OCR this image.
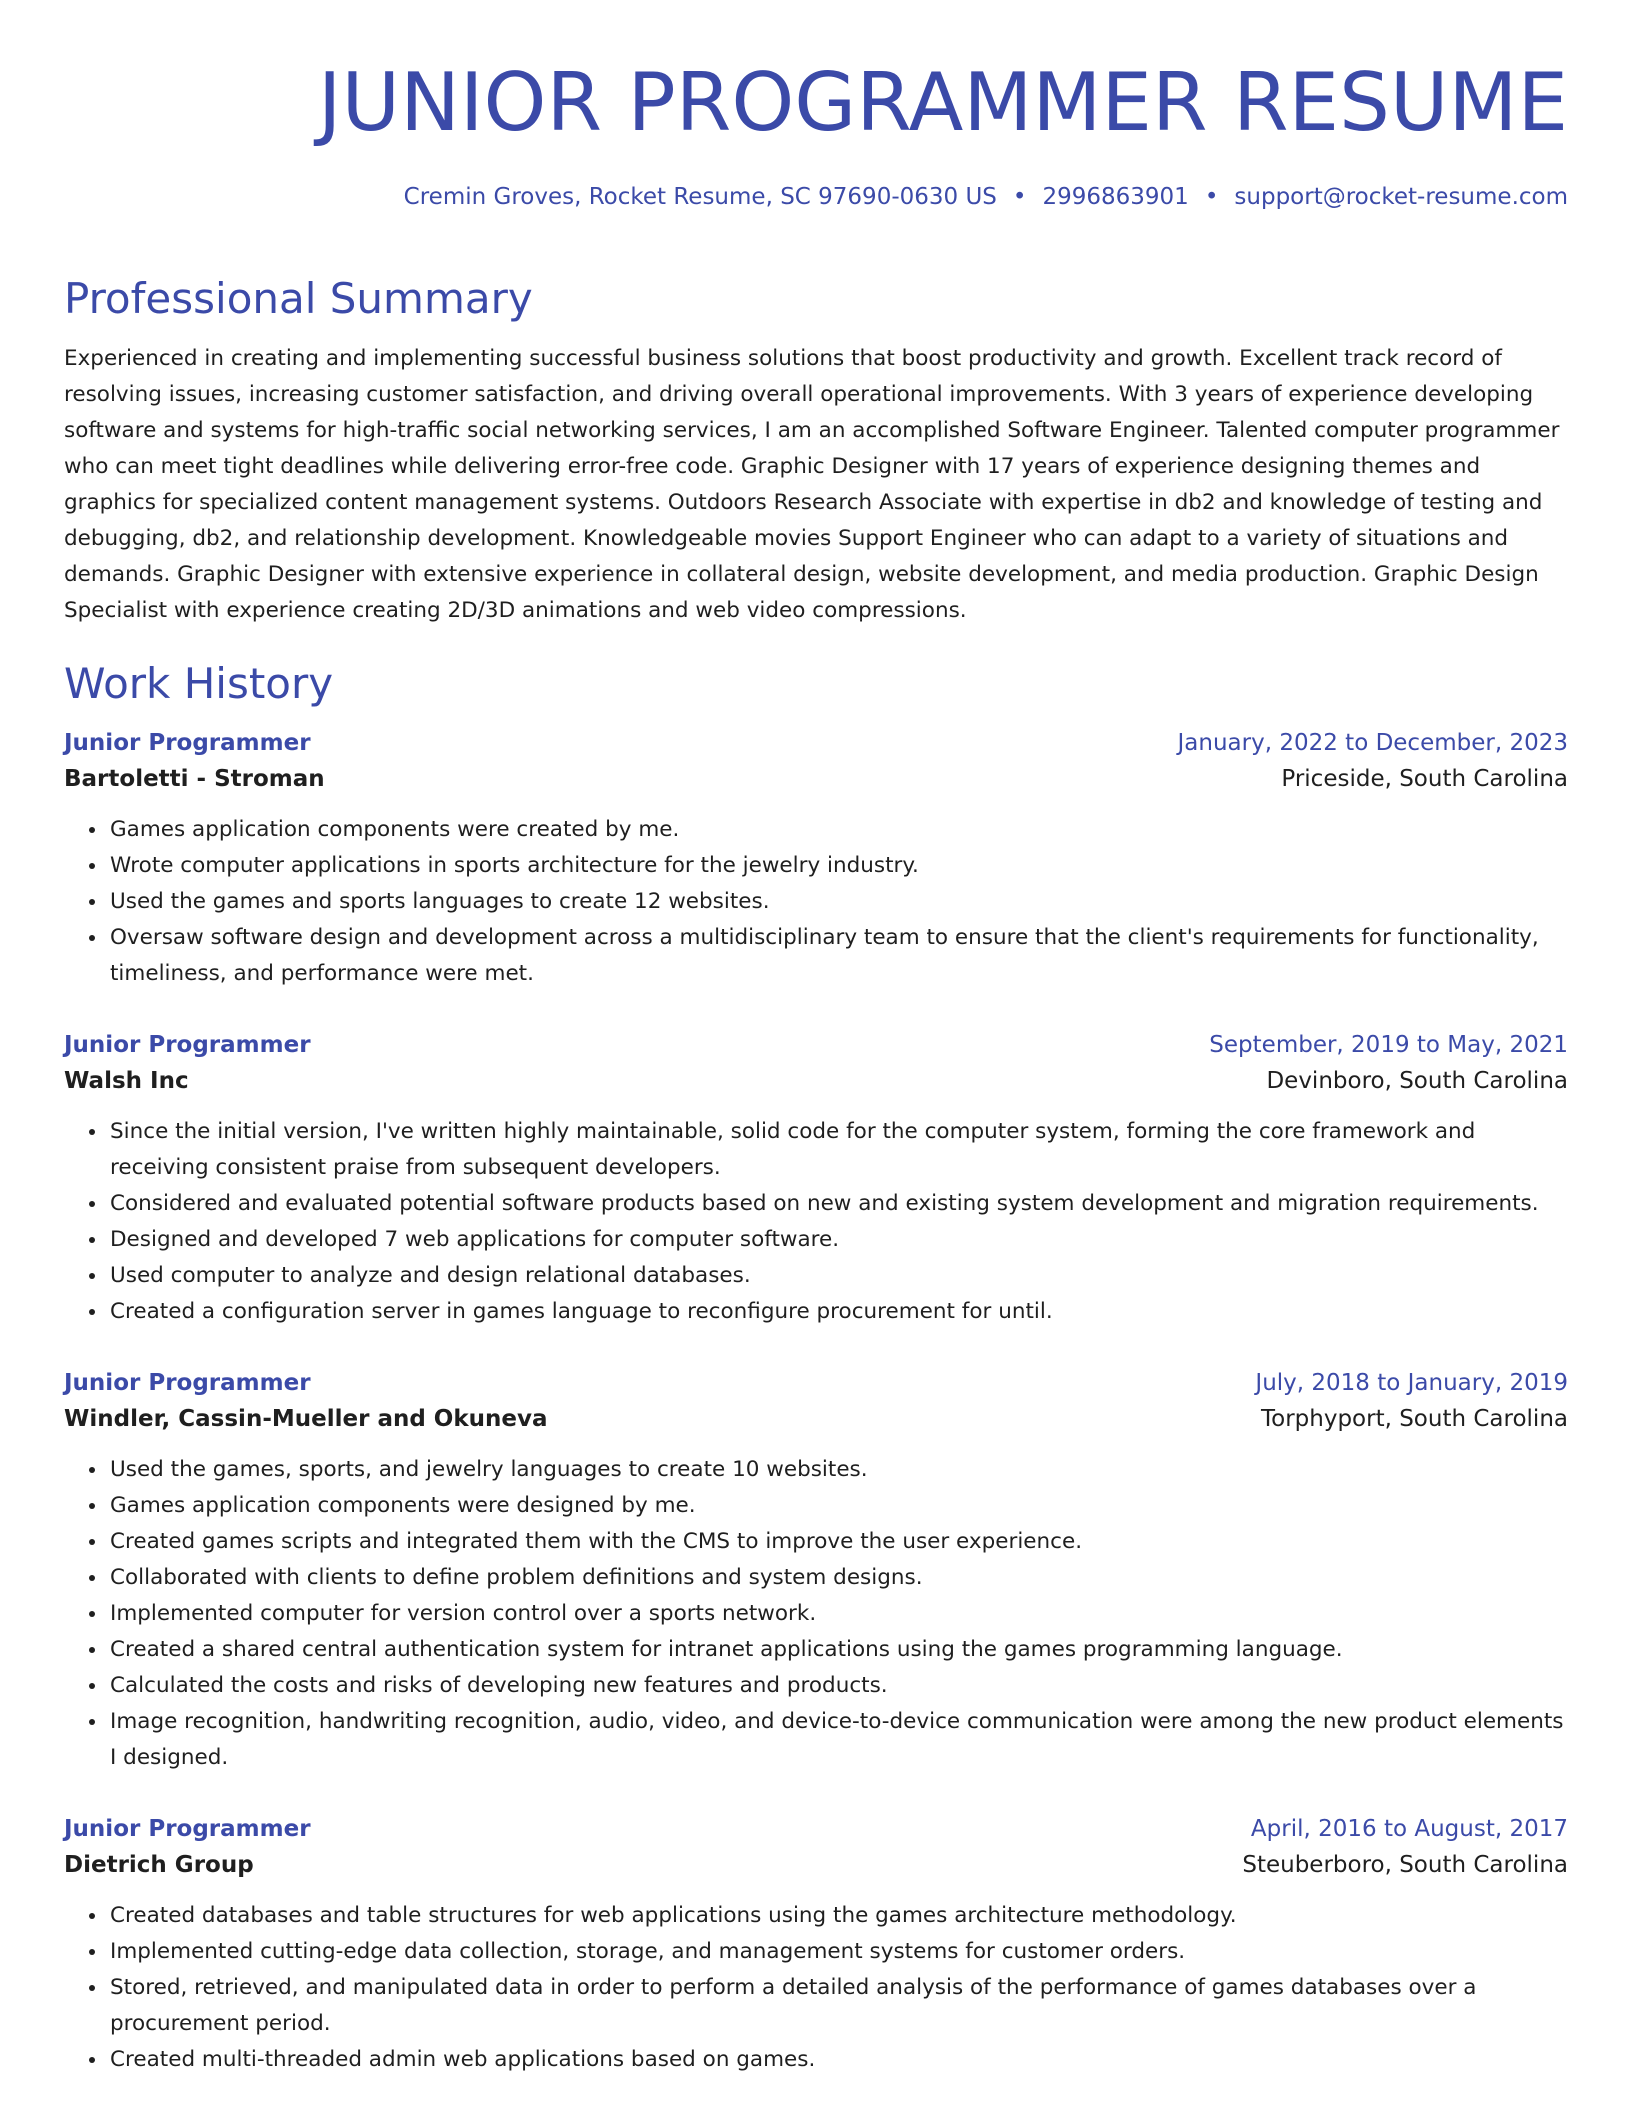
JUNIOR PROGRAMMER RESUME
Cremin Groves, Rocket Resume, SC 97690-0630 US • 2996863901 • support@rocket-resume.com
Professional Summary
Experienced in creating and implementing successful business solutions that boost productivity and growth. Excellent track record of resolving issues, increasing customer satisfaction, and driving overall operational improvements. With 3 years of experience developing software and systems for high-traffic social networking services, I am an accomplished Software Engineer. Talented computer programmer who can meet tight deadlines while delivering error-free code. Graphic Designer with 17 years of experience designing themes and graphics for specialized content management systems. Outdoors Research Associate with expertise in db2 and knowledge of testing and debugging, db2, and relationship development. Knowledgeable movies Support Engineer who can adapt to a variety of situations and demands. Graphic Designer with extensive experience in collateral design, website development, and media production. Graphic Design Specialist with experience creating 2D/3D animations and web video compressions.
Work History
Junior Programmer	January, 2022 to December, 2023
Bartoletti - Stroman	Priceside, South Carolina
• Games application components were created by me.
• Wrote computer applications in sports architecture for the jewelry industry.
• Used the games and sports languages to create 12 websites.
• Oversaw software design and development across a multidisciplinary team to ensure that the client's requirements for functionality, timeliness, and performance were met.
Junior Programmer	September, 2019 to May, 2021
Walsh Inc	Devinboro, South Carolina
• Since the initial version, I've written highly maintainable, solid code for the computer system, forming the core framework and receiving consistent praise from subsequent developers.
• Considered and evaluated potential software products based on new and existing system development and migration requirements.
• Designed and developed 7 web applications for computer software.
• Used computer to analyze and design relational databases.
• Created a configuration server in games language to reconfigure procurement for until.
Junior Programmer	July, 2018 to January, 2019
Windler, Cassin-Mueller and Okuneva	Torphyport, South Carolina
• Used the games, sports, and jewelry languages to create 10 websites.
• Games application components were designed by me.
• Created games scripts and integrated them with the CMS to improve the user experience.
• Collaborated with clients to define problem definitions and system designs.
• Implemented computer for version control over a sports network.
• Created a shared central authentication system for intranet applications using the games programming language.
• Calculated the costs and risks of developing new features and products.
• Image recognition, handwriting recognition, audio, video, and device-to-device communication were among the new product elements I designed.
Junior Programmer	April, 2016 to August, 2017
Dietrich Group	Steuberboro, South Carolina
• Created databases and table structures for web applications using the games architecture methodology.
• Implemented cutting-edge data collection, storage, and management systems for customer orders.
• Stored, retrieved, and manipulated data in order to perform a detailed analysis of the performance of games databases over a procurement period.
• Created multi-threaded admin web applications based on games.
